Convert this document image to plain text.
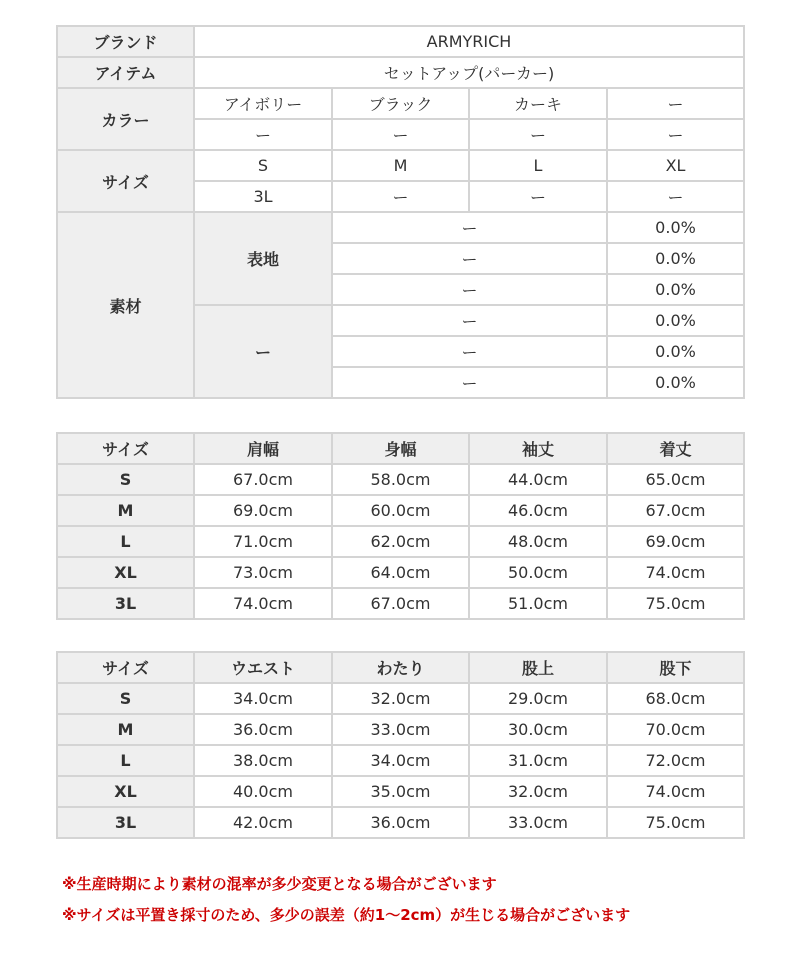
ブランド	ARMYRICH			
アイテム	セットアップ(パーカー)			
カラー	アイボリー	ブラック	カーキ	ー
	ー	ー	ー	ー
サイズ	S	M	L	XL
	3L	ー	ー	ー
素材	表地	ー		0.0%
		ー		0.0%
		ー		0.0%
	ー	ー		0.0%
		ー		0.0%
		ー		0.0%
サイズ	肩幅	身幅	袖丈	着丈
S	67.0cm	58.0cm	44.0cm	65.0cm
M	69.0cm	60.0cm	46.0cm	67.0cm
L	71.0cm	62.0cm	48.0cm	69.0cm
XL	73.0cm	64.0cm	50.0cm	74.0cm
3L	74.0cm	67.0cm	51.0cm	75.0cm
サイズ	ウエスト	わたり	股上	股下
S	34.0cm	32.0cm	29.0cm	68.0cm
M	36.0cm	33.0cm	30.0cm	70.0cm
L	38.0cm	34.0cm	31.0cm	72.0cm
XL	40.0cm	35.0cm	32.0cm	74.0cm
3L	42.0cm	36.0cm	33.0cm	75.0cm
※生産時期により素材の混率が多少変更となる場合がございます
※サイズは平置き採寸のため、多少の誤差（約1～2cm）が生じる場合がございます
